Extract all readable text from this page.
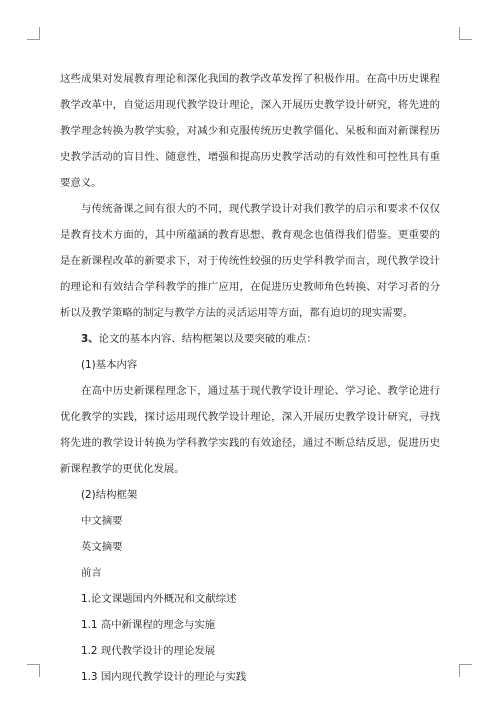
这些成果对发展教育理论和深化我国的教学改革发挥了积极作用。在高中历史课程教学改革中，自觉运用现代教学设计理论，深入开展历史教学设计研究，将先进的教学理念转换为教学实验，对减少和克服传统历史教学僵化、呆板和面对新课程历史教学活动的盲目性、随意性，增强和提高历史教学活动的有效性和可控性具有重要意义。

与传统备课之间有很大的不同，现代教学设计对我们教学的启示和要求不仅仅是教育技术方面的，其中所蕴涵的教育思想、教育观念也值得我们借鉴。更重要的是在新课程改革的新要求下，对于传统性较强的历史学科教学而言，现代教学设计的理论和有效结合学科教学的推广应用，在促进历史教师角色转换、对学习者的分析以及教学策略的制定与教学方法的灵活运用等方面，都有迫切的现实需要。

3、论文的基本内容、结构框架以及要突破的难点：

(1)基本内容

在高中历史新课程理念下，通过基于现代教学设计理论、学习论、教学论进行优化教学的实践，探讨运用现代教学设计理论，深入开展历史教学设计研究，寻找将先进的教学设计转换为学科教学实践的有效途径，通过不断总结反思，促进历史新课程教学的更优化发展。

(2)结构框架

中文摘要

英文摘要

前言

1.论文课题国内外概况和文献综述

1.1 高中新课程的理念与实施

1.2 现代教学设计的理论发展

1.3 国内现代教学设计的理论与实践
